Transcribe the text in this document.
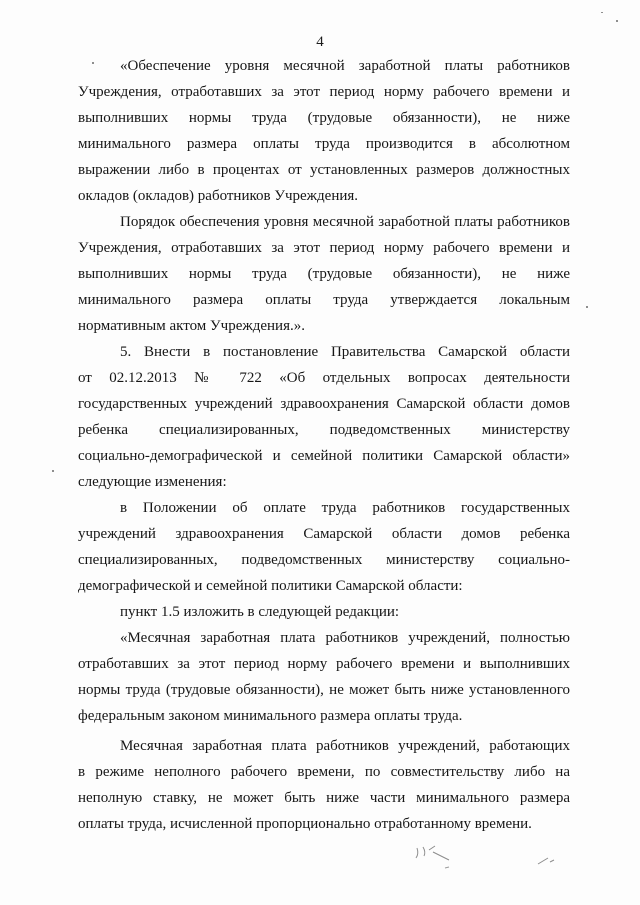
4
«Обеспечение уровня месячной заработной платы работников
Учреждения, отработавших за этот период норму рабочего времени и
выполнивших нормы труда (трудовые обязанности), не ниже
минимального размера оплаты труда производится в абсолютном
выражении либо в процентах от установленных размеров должностных
окладов (окладов) работников Учреждения.
Порядок обеспечения уровня месячной заработной платы работников
Учреждения, отработавших за этот период норму рабочего времени и
выполнивших нормы труда (трудовые обязанности), не ниже
минимального размера оплаты труда утверждается локальным
нормативным актом Учреждения.».
5. Внести в постановление Правительства Самарской области
от 02.12.2013 № 722 «Об отдельных вопросах деятельности
государственных учреждений здравоохранения Самарской области домов
ребенка специализированных, подведомственных министерству
социально-демографической и семейной политики Самарской области»
следующие изменения:
в Положении об оплате труда работников государственных
учреждений здравоохранения Самарской области домов ребенка
специализированных, подведомственных министерству социально-
демографической и семейной политики Самарской области:
пункт 1.5 изложить в следующей редакции:
«Месячная заработная плата работников учреждений, полностью
отработавших за этот период норму рабочего времени и выполнивших
нормы труда (трудовые обязанности), не может быть ниже установленного
федеральным законом минимального размера оплаты труда.
Месячная заработная плата работников учреждений, работающих
в режиме неполного рабочего времени, по совместительству либо на
неполную ставку, не может быть ниже части минимального размера
оплаты труда, исчисленной пропорционально отработанному времени.
